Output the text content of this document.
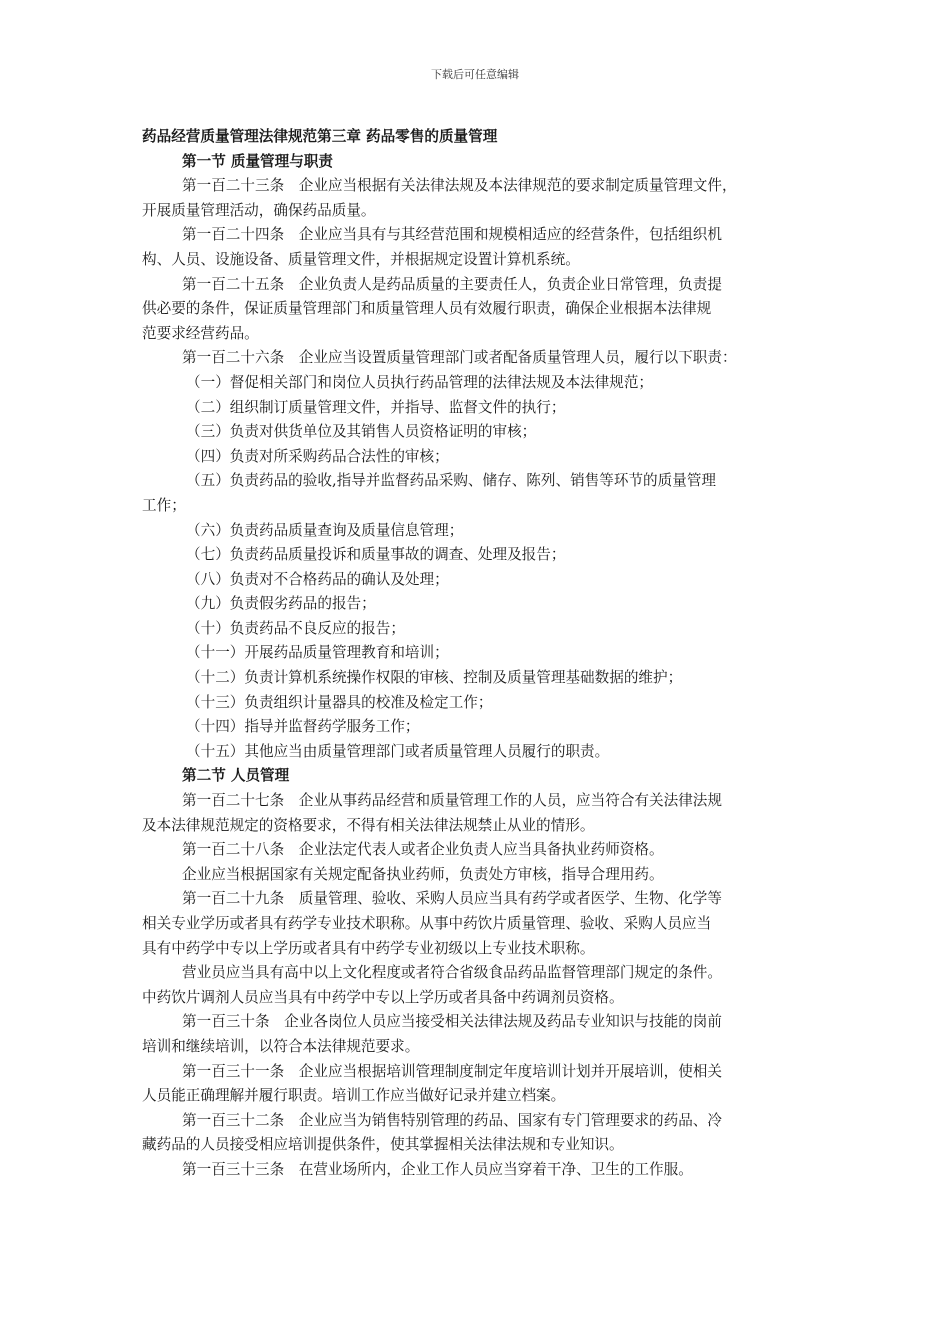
下载后可任意编辑
药品经营质量管理法律规范第三章 药品零售的质量管理
第一节 质量管理与职责
第一百二十三条　企业应当根据有关法律法规及本法律规范的要求制定质量管理文件，
开展质量管理活动，确保药品质量。
第一百二十四条　企业应当具有与其经营范围和规模相适应的经营条件，包括组织机
构、人员、设施设备、质量管理文件，并根据规定设置计算机系统。
第一百二十五条　企业负责人是药品质量的主要责任人，负责企业日常管理，负责提
供必要的条件，保证质量管理部门和质量管理人员有效履行职责，确保企业根据本法律规
范要求经营药品。
第一百二十六条　企业应当设置质量管理部门或者配备质量管理人员，履行以下职责：
（一）督促相关部门和岗位人员执行药品管理的法律法规及本法律规范；
（二）组织制订质量管理文件，并指导、监督文件的执行；
（三）负责对供货单位及其销售人员资格证明的审核；
（四）负责对所采购药品合法性的审核；
（五）负责药品的验收,指导并监督药品采购、储存、陈列、销售等环节的质量管理
工作；
（六）负责药品质量查询及质量信息管理；
（七）负责药品质量投诉和质量事故的调查、处理及报告；
（八）负责对不合格药品的确认及处理；
（九）负责假劣药品的报告；
（十）负责药品不良反应的报告；
（十一）开展药品质量管理教育和培训；
（十二）负责计算机系统操作权限的审核、控制及质量管理基础数据的维护；
（十三）负责组织计量器具的校准及检定工作；
（十四）指导并监督药学服务工作；
（十五）其他应当由质量管理部门或者质量管理人员履行的职责。
第二节 人员管理
第一百二十七条　企业从事药品经营和质量管理工作的人员，应当符合有关法律法规
及本法律规范规定的资格要求，不得有相关法律法规禁止从业的情形。
第一百二十八条　企业法定代表人或者企业负责人应当具备执业药师资格。
企业应当根据国家有关规定配备执业药师，负责处方审核，指导合理用药。
第一百二十九条　质量管理、验收、采购人员应当具有药学或者医学、生物、化学等
相关专业学历或者具有药学专业技术职称。从事中药饮片质量管理、验收、采购人员应当
具有中药学中专以上学历或者具有中药学专业初级以上专业技术职称。
营业员应当具有高中以上文化程度或者符合省级食品药品监督管理部门规定的条件。
中药饮片调剂人员应当具有中药学中专以上学历或者具备中药调剂员资格。
第一百三十条　企业各岗位人员应当接受相关法律法规及药品专业知识与技能的岗前
培训和继续培训，以符合本法律规范要求。
第一百三十一条　企业应当根据培训管理制度制定年度培训计划并开展培训，使相关
人员能正确理解并履行职责。培训工作应当做好记录并建立档案。
第一百三十二条　企业应当为销售特别管理的药品、国家有专门管理要求的药品、冷
藏药品的人员接受相应培训提供条件，使其掌握相关法律法规和专业知识。
第一百三十三条　在营业场所内，企业工作人员应当穿着干净、卫生的工作服。
